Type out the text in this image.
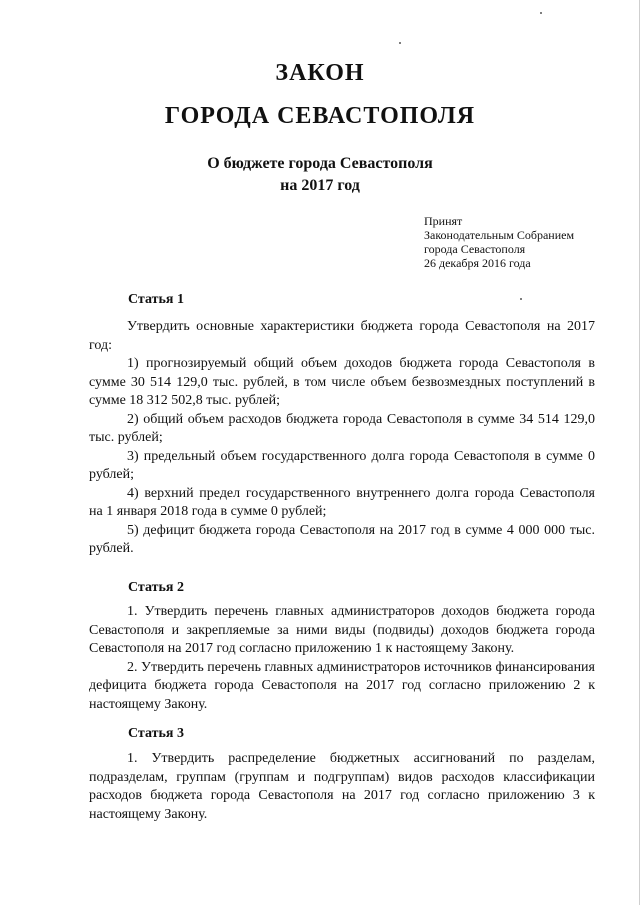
ЗАКОН
ГОРОДА СЕВАСТОПОЛЯ
О бюджете города Севастополя
на 2017 год
Принят
Законодательным Собранием
города Севастополя
26 декабря 2016 года
Статья 1

Утвердить основные характеристики бюджета города Севастополя на 2017 год:

1) прогнозируемый общий объем доходов бюджета города Севастополя в сумме 30 514 129,0 тыс. рублей, в том числе объем безвозмездных поступлений в сумме 18 312 502,8 тыс. рублей;

2) общий объем расходов бюджета города Севастополя в сумме 34 514 129,0 тыс. рублей;

3) предельный объем государственного долга города Севастополя в сумме 0 рублей;

4) верхний предел государственного внутреннего долга города Севастополя на 1 января 2018 года в сумме 0 рублей;

5) дефицит бюджета города Севастополя на 2017 год в сумме 4 000 000 тыс. рублей.

Статья 2

1. Утвердить перечень главных администраторов доходов бюджета города Севастополя и закрепляемые за ними виды (подвиды) доходов бюджета города Севастополя на 2017 год согласно приложению 1 к настоящему Закону.

2. Утвердить перечень главных администраторов источников финансирования дефицита бюджета города Севастополя на 2017 год согласно приложению 2 к настоящему Закону.

Статья 3

1. Утвердить распределение бюджетных ассигнований по разделам, подразделам, группам (группам и подгруппам) видов расходов классификации расходов бюджета города Севастополя на 2017 год согласно приложению 3 к настоящему Закону.
